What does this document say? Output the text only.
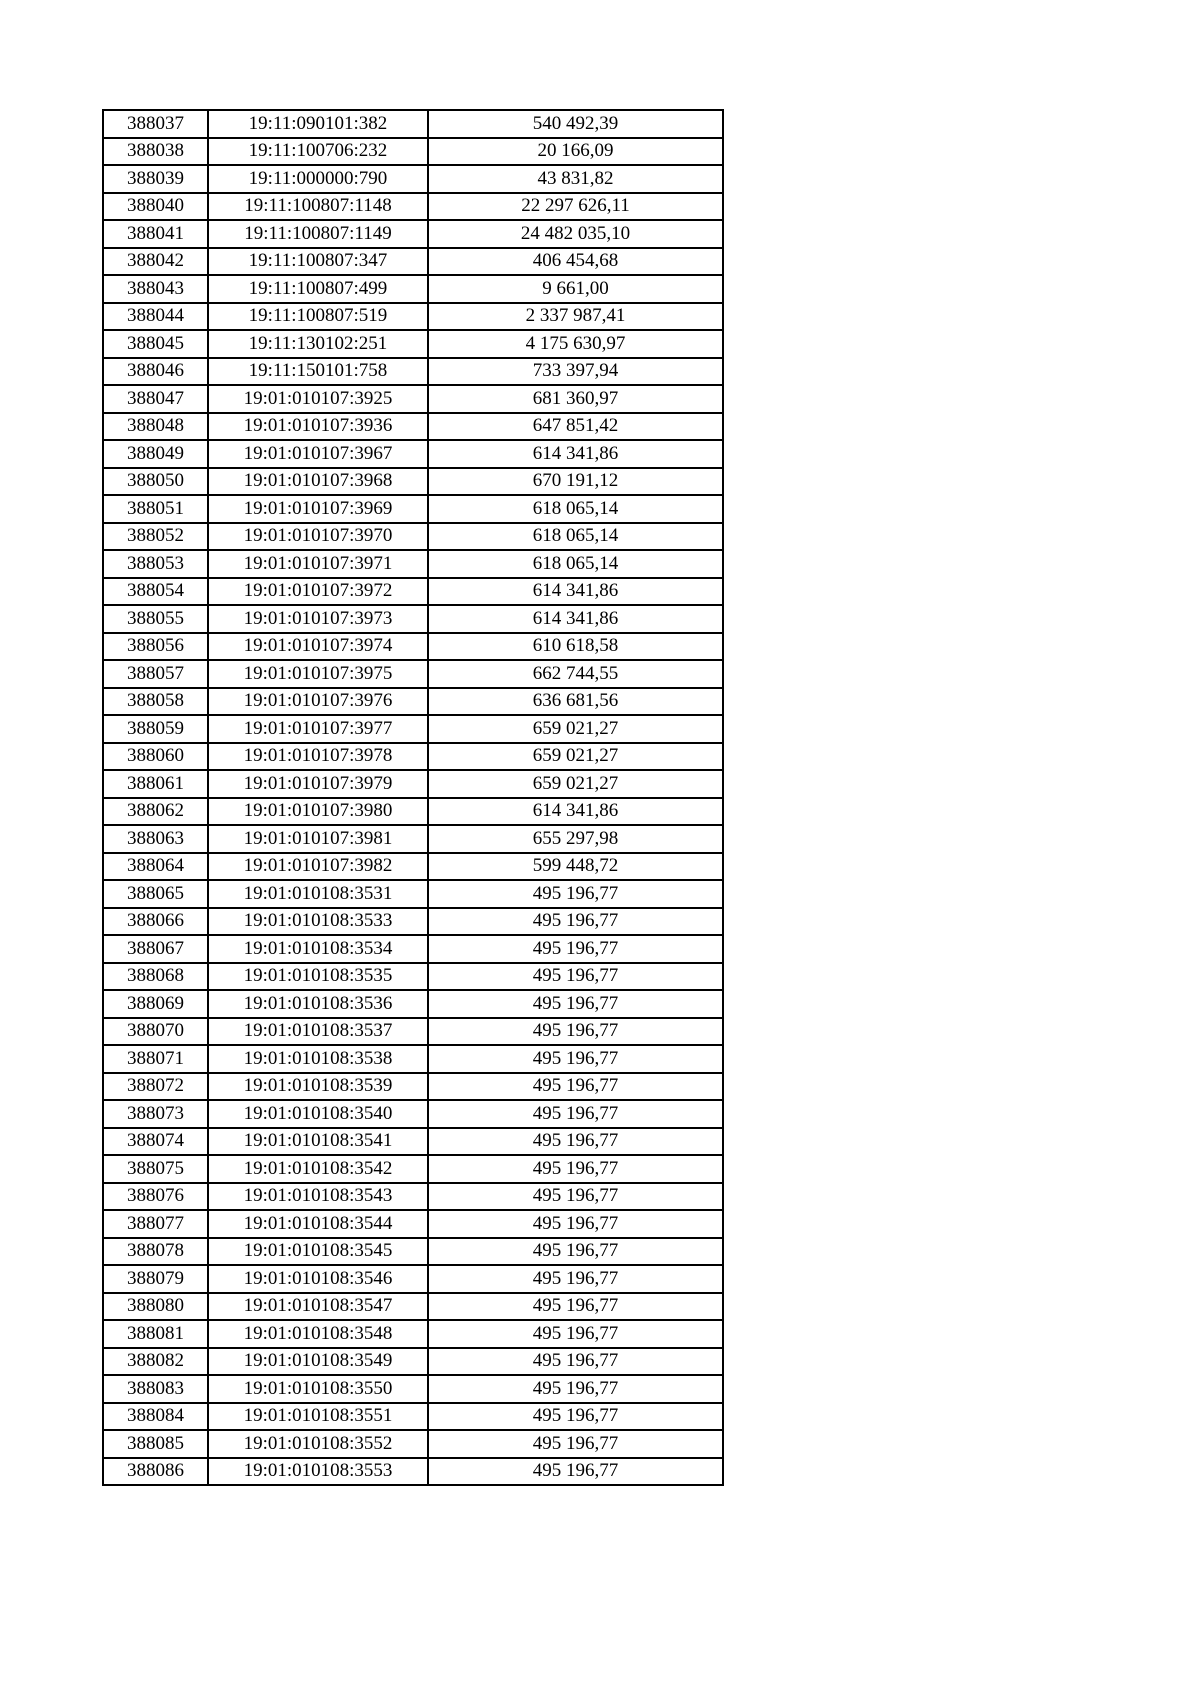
388037	19:11:090101:382	540 492,39
388038	19:11:100706:232	20 166,09
388039	19:11:000000:790	43 831,82
388040	19:11:100807:1148	22 297 626,11
388041	19:11:100807:1149	24 482 035,10
388042	19:11:100807:347	406 454,68
388043	19:11:100807:499	9 661,00
388044	19:11:100807:519	2 337 987,41
388045	19:11:130102:251	4 175 630,97
388046	19:11:150101:758	733 397,94
388047	19:01:010107:3925	681 360,97
388048	19:01:010107:3936	647 851,42
388049	19:01:010107:3967	614 341,86
388050	19:01:010107:3968	670 191,12
388051	19:01:010107:3969	618 065,14
388052	19:01:010107:3970	618 065,14
388053	19:01:010107:3971	618 065,14
388054	19:01:010107:3972	614 341,86
388055	19:01:010107:3973	614 341,86
388056	19:01:010107:3974	610 618,58
388057	19:01:010107:3975	662 744,55
388058	19:01:010107:3976	636 681,56
388059	19:01:010107:3977	659 021,27
388060	19:01:010107:3978	659 021,27
388061	19:01:010107:3979	659 021,27
388062	19:01:010107:3980	614 341,86
388063	19:01:010107:3981	655 297,98
388064	19:01:010107:3982	599 448,72
388065	19:01:010108:3531	495 196,77
388066	19:01:010108:3533	495 196,77
388067	19:01:010108:3534	495 196,77
388068	19:01:010108:3535	495 196,77
388069	19:01:010108:3536	495 196,77
388070	19:01:010108:3537	495 196,77
388071	19:01:010108:3538	495 196,77
388072	19:01:010108:3539	495 196,77
388073	19:01:010108:3540	495 196,77
388074	19:01:010108:3541	495 196,77
388075	19:01:010108:3542	495 196,77
388076	19:01:010108:3543	495 196,77
388077	19:01:010108:3544	495 196,77
388078	19:01:010108:3545	495 196,77
388079	19:01:010108:3546	495 196,77
388080	19:01:010108:3547	495 196,77
388081	19:01:010108:3548	495 196,77
388082	19:01:010108:3549	495 196,77
388083	19:01:010108:3550	495 196,77
388084	19:01:010108:3551	495 196,77
388085	19:01:010108:3552	495 196,77
388086	19:01:010108:3553	495 196,77
